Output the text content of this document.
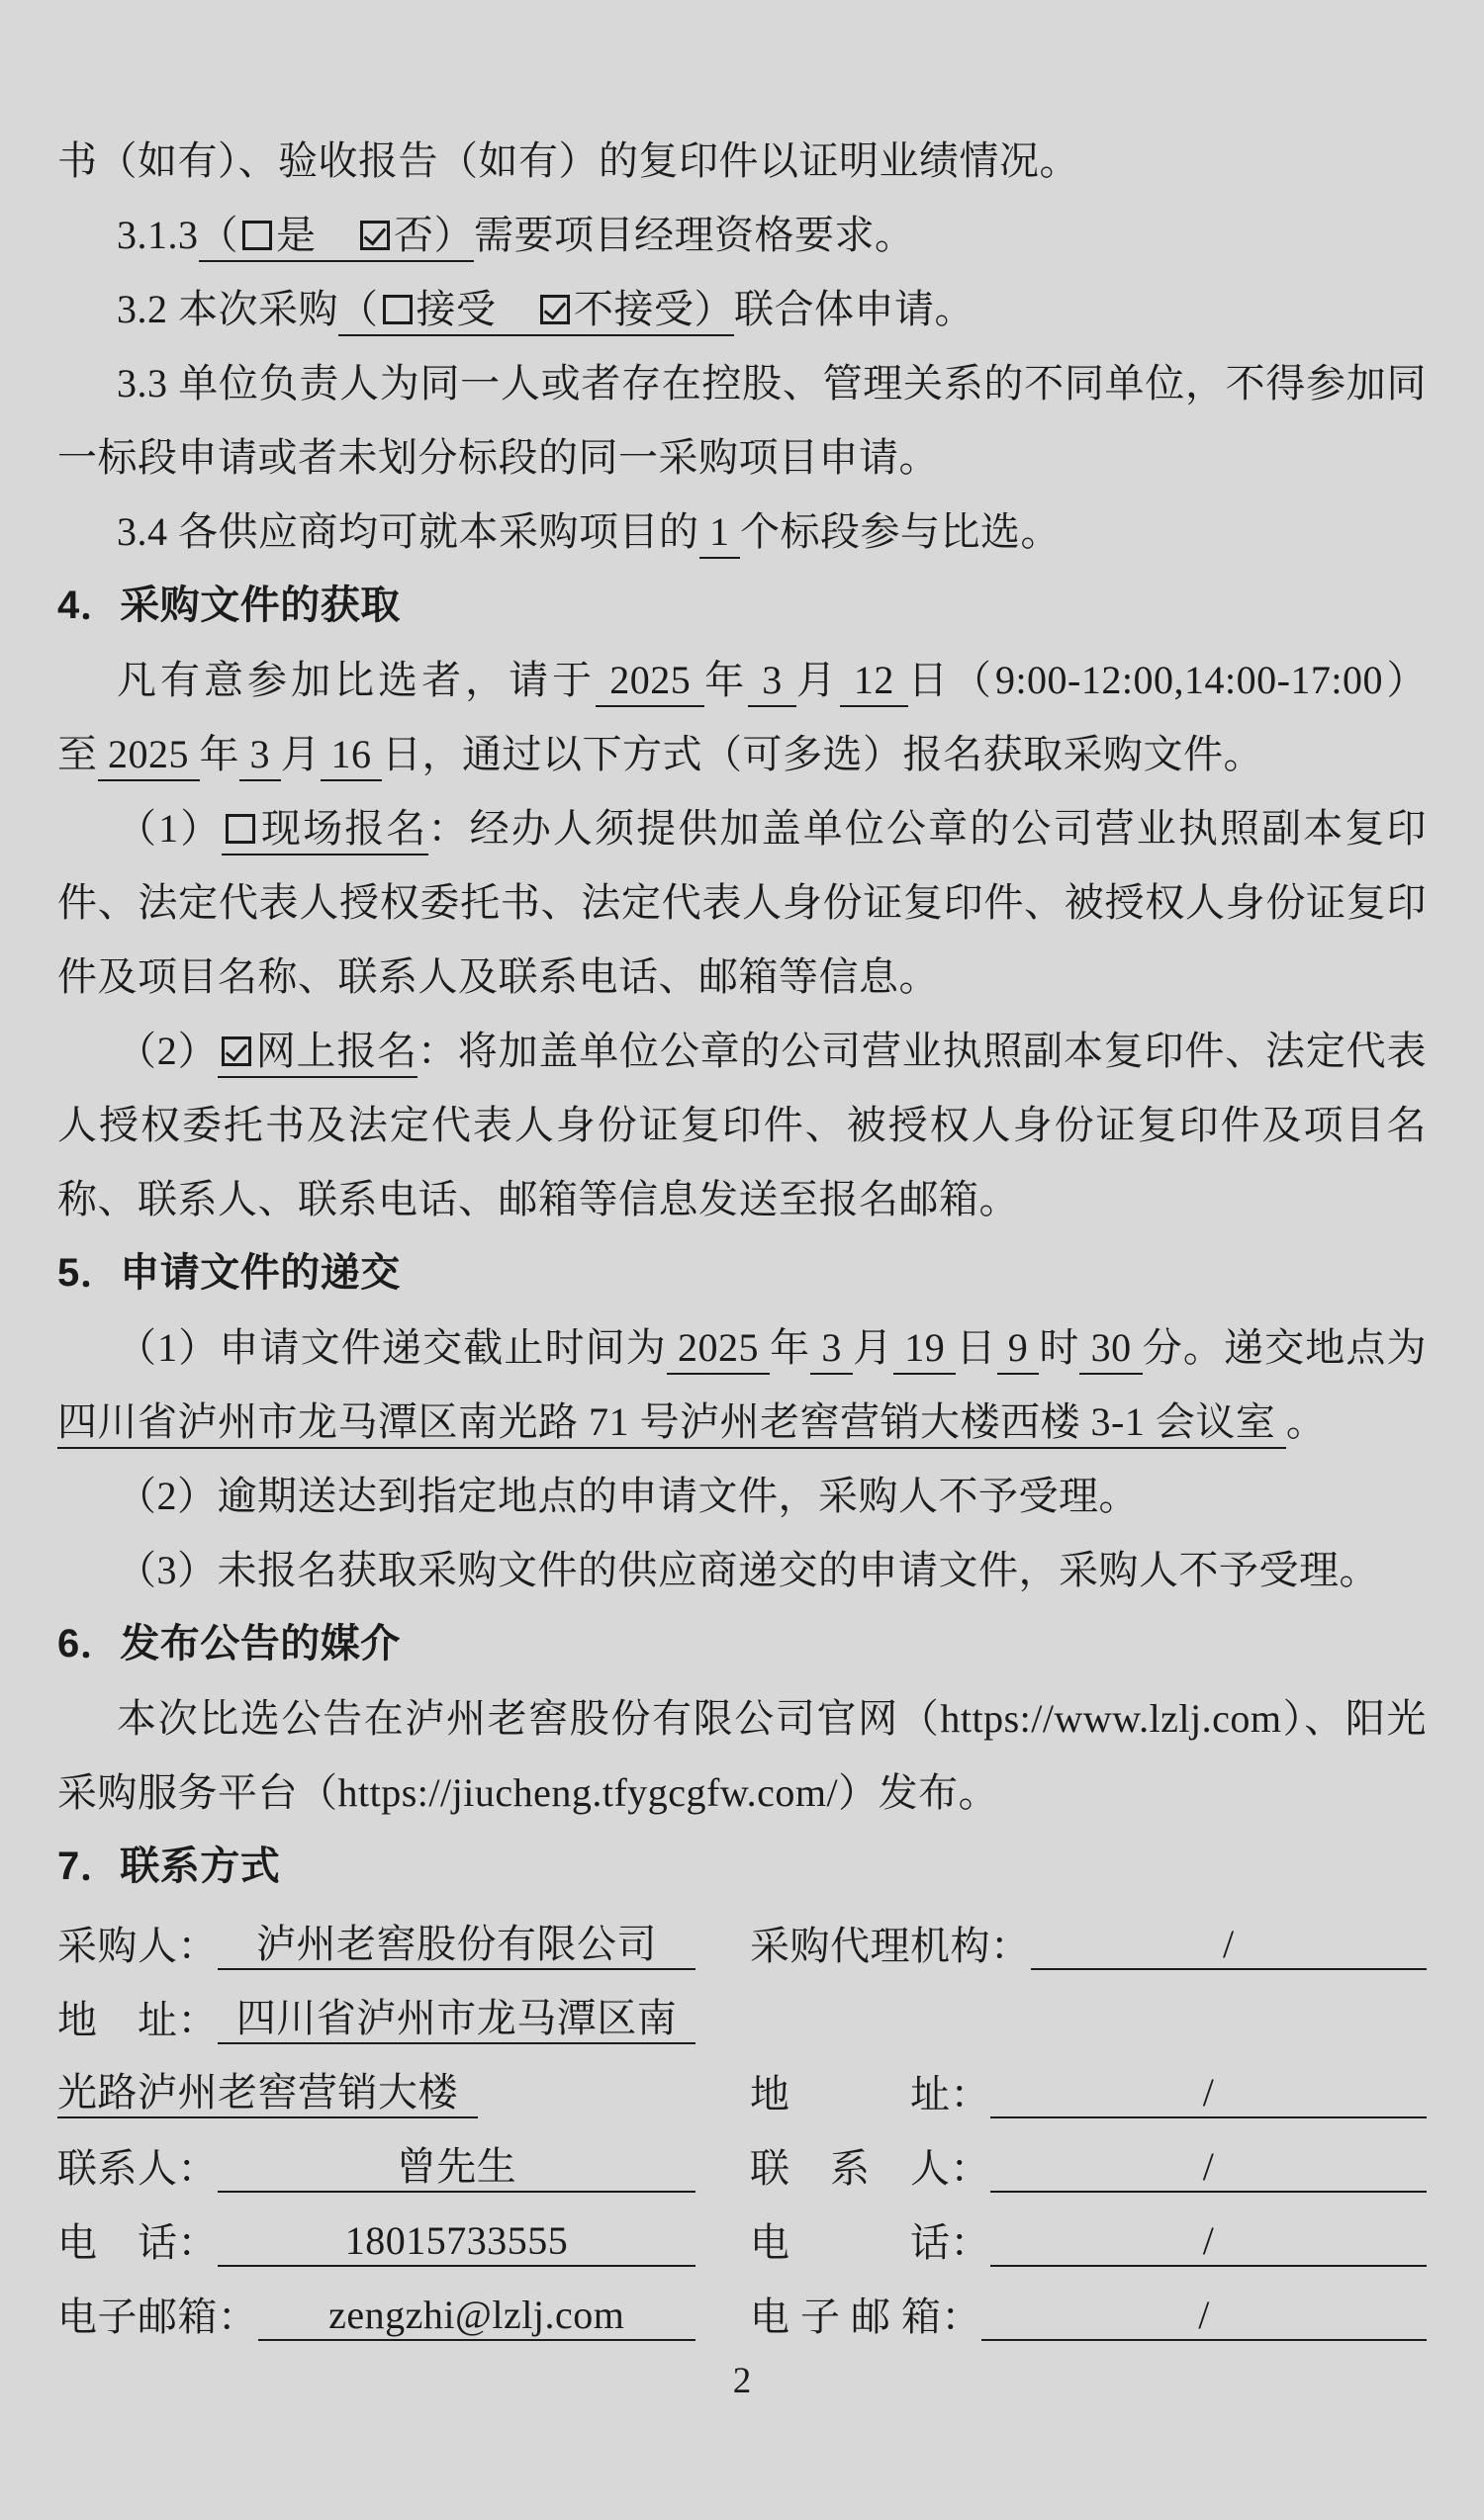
书（如有）、验收报告（如有）的复印件以证明业绩情况。

3.1.3（ 是　否）需要项目经理资格要求。

3.2 本次采购（ 接受　不接受）联合体申请。

3.3 单位负责人为同一人或者存在控股、管理关系的不同单位，不得参加同一标段申请或者未划分标段的同一采购项目申请。

3.4 各供应商均可就本采购项目的 1 个标段参与比选。

4．采购文件的获取

凡有意参加比选者，请于 2025 年 3 月 12 日（9:00-12:00,14:00-17:00）至 2025 年 3 月 16 日，通过以下方式（可多选）报名获取采购文件。

（1） 现场报名：经办人须提供加盖单位公章的公司营业执照副本复印件、法定代表人授权委托书、法定代表人身份证复印件、被授权人身份证复印件及项目名称、联系人及联系电话、邮箱等信息。

（2） 网上报名：将加盖单位公章的公司营业执照副本复印件、法定代表人授权委托书及法定代表人身份证复印件、被授权人身份证复印件及项目名称、联系人、联系电话、邮箱等信息发送至报名邮箱。

5．申请文件的递交

（1）申请文件递交截止时间为 2025 年 3 月 19 日 9 时 30 分。递交地点为 四川省泸州市龙马潭区南光路 71 号泸州老窖营销大楼西楼 3-1 会议室 。

（2）逾期送达到指定地点的申请文件，采购人不予受理。

（3）未报名获取采购文件的供应商递交的申请文件，采购人不予受理。

6．发布公告的媒介

本次比选公告在泸州老窖股份有限公司官网（https://www.lzlj.com）、阳光采购服务平台（https://jiucheng.tfygcgfw.com/）发布。

7．联系方式
采购人： 泸州老窖股份有限公司	采购代理机构：	/
地　址： 四川省泸州市龙马潭区南
光路泸州老窖营销大楼	地　　　址：	/
联系人：	曾先生	联　系　人：	/
电　话：	18015733555	电　　　话：	/
电子邮箱：	zengzhi@lzlj.com	电 子 邮 箱：	/
2
